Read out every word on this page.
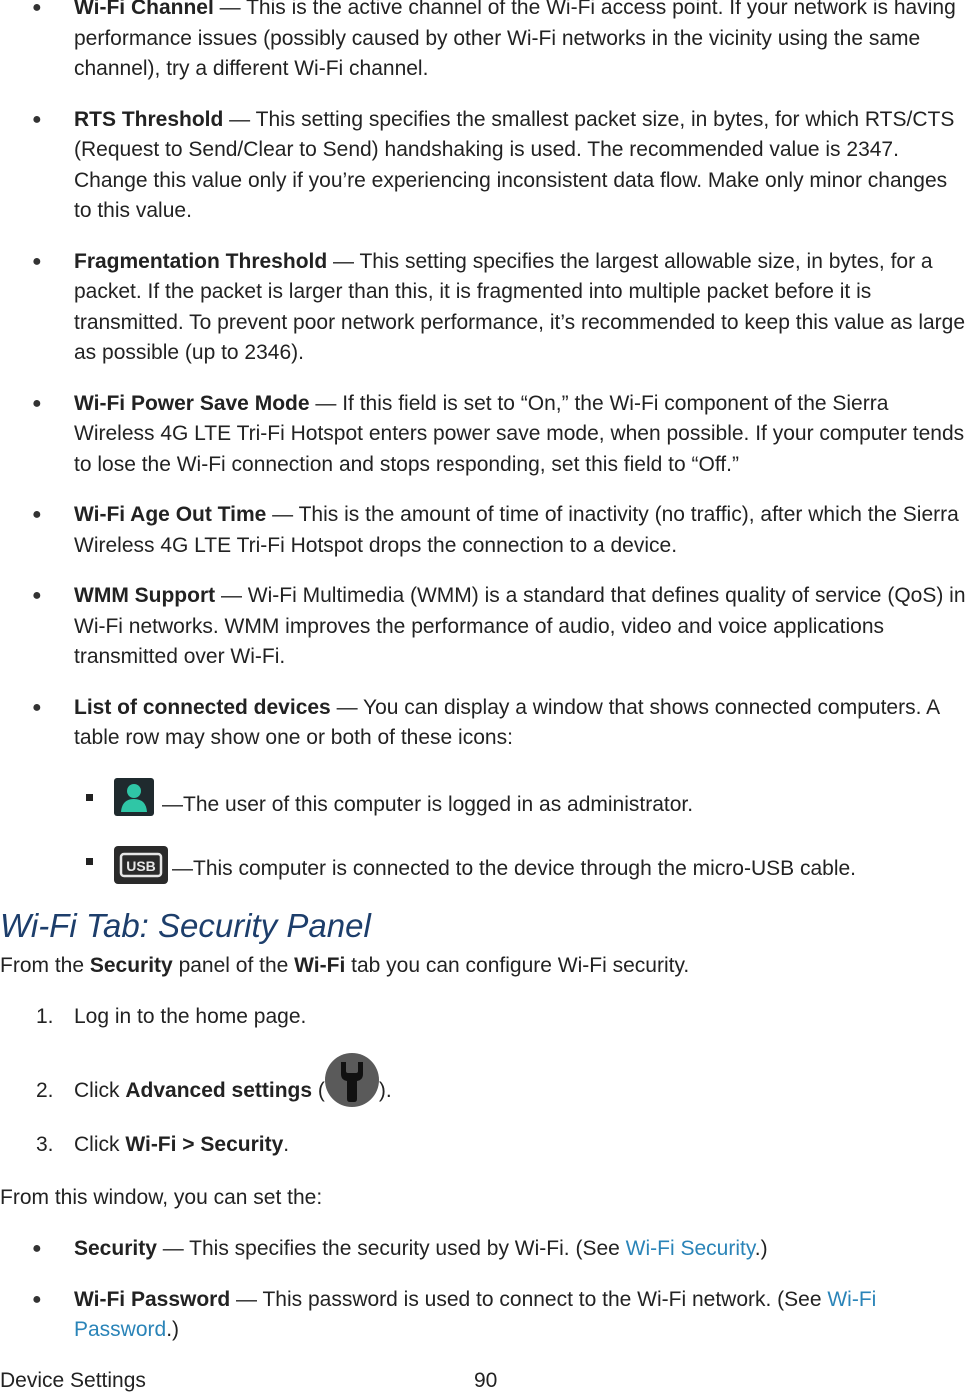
● Wi-Fi Channel — This is the active channel of the Wi-Fi access point. If your network is having performance issues (possibly caused by other Wi-Fi networks in the vicinity using the same channel), try a different Wi-Fi channel.
● RTS Threshold — This setting specifies the smallest packet size, in bytes, for which RTS/CTS (Request to Send/Clear to Send) handshaking is used. The recommended value is 2347. Change this value only if you’re experiencing inconsistent data flow. Make only minor changes to this value.
● Fragmentation Threshold — This setting specifies the largest allowable size, in bytes, for a packet. If the packet is larger than this, it is fragmented into multiple packet before it is transmitted. To prevent poor network performance, it’s recommended to keep this value as large as possible (up to 2346).
● Wi-Fi Power Save Mode — If this field is set to “On,” the Wi-Fi component of the Sierra Wireless 4G LTE Tri-Fi Hotspot enters power save mode, when possible. If your computer tends to lose the Wi-Fi connection and stops responding, set this field to “Off.”
● Wi-Fi Age Out Time — This is the amount of time of inactivity (no traffic), after which the Sierra Wireless 4G LTE Tri-Fi Hotspot drops the connection to a device.
● WMM Support — Wi-Fi Multimedia (WMM) is a standard that defines quality of service (QoS) in Wi-Fi networks. WMM improves the performance of audio, video and voice applications transmitted over Wi-Fi.
● List of connected devices — You can display a window that shows connected computers. A table row may show one or both of these icons:
—The user of this computer is logged in as administrator.
USB —This computer is connected to the device through the micro-USB cable.
Wi-Fi Tab: Security Panel

From the Security panel of the Wi-Fi tab you can configure Wi-Fi security.

1. Log in to the home page.
2. Click Advanced settings (	).
3. Click Wi-Fi > Security.

From this window, you can set the:

● Security — This specifies the security used by Wi-Fi. (See Wi-Fi Security.)
● Wi-Fi Password — This password is used to connect to the Wi-Fi network. (See Wi-Fi Password.)
Device Settings	90
